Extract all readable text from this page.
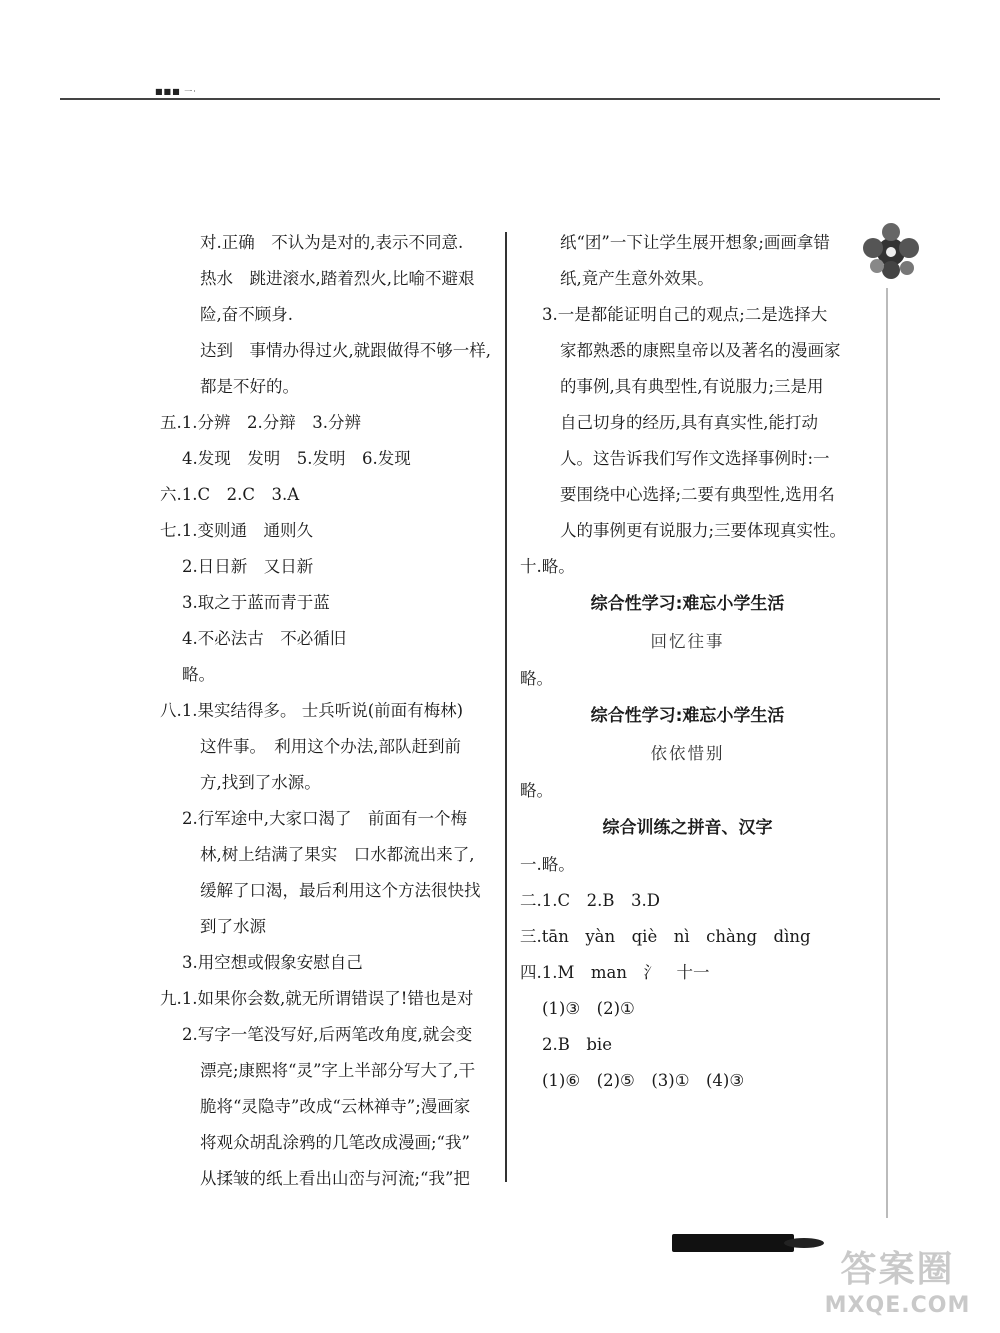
■■■ 一·
对.正确　不认为是对的,表示不同意.
热水　跳进滚水,踏着烈火,比喻不避艰
险,奋不顾身.
达到　事情办得过火,就跟做得不够一样,
都是不好的。
五.1.分辨　2.分辩　3.分辨
4.发现　发明　5.发明　6.发现
六.1.C　2.C　3.A
七.1.变则通　通则久
2.日日新　又日新
3.取之于蓝而青于蓝
4.不必法古　不必循旧
略。
八.1.果实结得多。 士兵听说(前面有梅林)
这件事。　利用这个办法,部队赶到前
方,找到了水源。
2.行军途中,大家口渴了　前面有一个梅
林,树上结满了果实　口水都流出来了,
缓解了口渴，最后利用这个方法很快找
到了水源
3.用空想或假象安慰自己
九.1.如果你会数,就无所谓错误了!错也是对
2.写字一笔没写好,后两笔改角度,就会变
漂亮;康熙将“灵”字上半部分写大了,干
脆将“灵隐寺”改成“云林禅寺”;漫画家
将观众胡乱涂鸦的几笔改成漫画;“我”
从揉皱的纸上看出山峦与河流;“我”把
纸“团”一下让学生展开想象;画画拿错
纸,竟产生意外效果。
3.一是都能证明自己的观点;二是选择大
家都熟悉的康熙皇帝以及著名的漫画家
的事例,具有典型性,有说服力;三是用
自己切身的经历,具有真实性,能打动
人。这告诉我们写作文选择事例时:一
要围绕中心选择;二要有典型性,选用名
人的事例更有说服力;三要体现真实性。
十.略。
综合性学习:难忘小学生活
回忆往事
略。
综合性学习:难忘小学生活
依依惜别
略。
综合训练之拼音、汉字
一.略。
二.1.C　2.B　3.D
三.tān　yàn　qiè　nì　chàng　dìng
四.1.M　man　氵　十一
(1)③　(2)①
2.B　bie
(1)⑥　(2)⑤　(3)①　(4)③
答案圈
MXQE.COM
